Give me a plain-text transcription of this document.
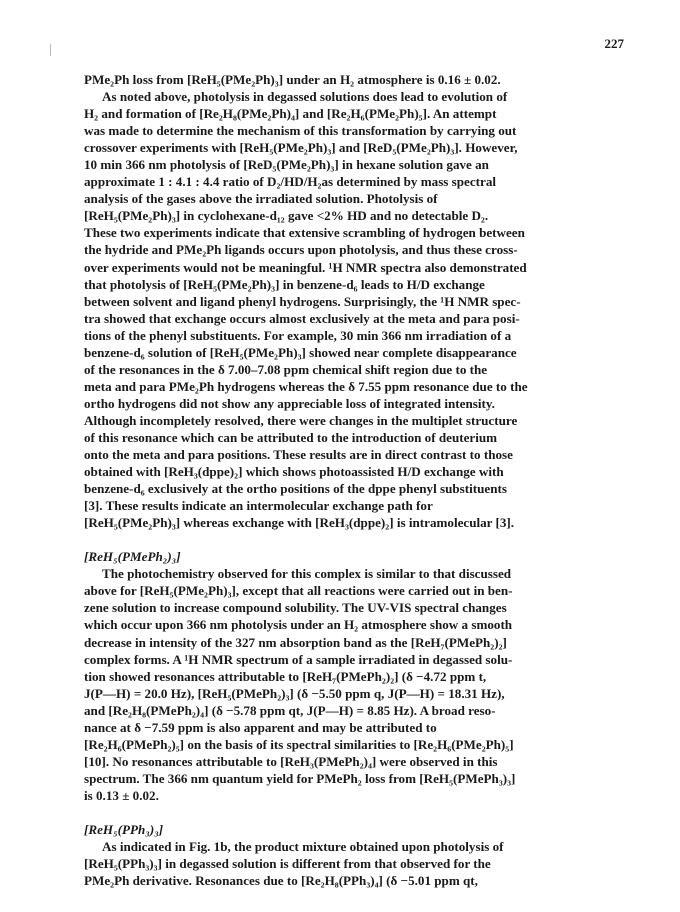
227
PMe₂Ph loss from [ReH₅(PMe₂Ph)₃] under an H₂ atmosphere is 0.16 ± 0.02.
As noted above, photolysis in degassed solutions does lead to evolution of
H₂ and formation of [Re₂H₈(PMe₂Ph)₄] and [Re₂H₆(PMe₂Ph)₅]. An attempt
was made to determine the mechanism of this transformation by carrying out
crossover experiments with [ReH₅(PMe₂Ph)₃] and [ReD₅(PMe₂Ph)₃]. However,
10 min 366 nm photolysis of [ReD₅(PMe₂Ph)₃] in hexane solution gave an
approximate 1 : 4.1 : 4.4 ratio of D₂/HD/H₂as determined by mass spectral
analysis of the gases above the irradiated solution. Photolysis of
[ReH₅(PMe₂Ph)₃] in cyclohexane-d₁₂ gave <2% HD and no detectable D₂.
These two experiments indicate that extensive scrambling of hydrogen between
the hydride and PMe₂Ph ligands occurs upon photolysis, and thus these cross-
over experiments would not be meaningful. ¹H NMR spectra also demonstrated
that photolysis of [ReH₅(PMe₂Ph)₃] in benzene-d₆ leads to H/D exchange
between solvent and ligand phenyl hydrogens. Surprisingly, the ¹H NMR spec-
tra showed that exchange occurs almost exclusively at the meta and para posi-
tions of the phenyl substituents. For example, 30 min 366 nm irradiation of a
benzene-d₆ solution of [ReH₅(PMe₂Ph)₃] showed near complete disappearance
of the resonances in the δ 7.00–7.08 ppm chemical shift region due to the
meta and para PMe₂Ph hydrogens whereas the δ 7.55 ppm resonance due to the
ortho hydrogens did not show any appreciable loss of integrated intensity.
Although incompletely resolved, there were changes in the multiplet structure
of this resonance which can be attributed to the introduction of deuterium
onto the meta and para positions. These results are in direct contrast to those
obtained with [ReH₃(dppe)₂] which shows photoassisted H/D exchange with
benzene-d₆ exclusively at the ortho positions of the dppe phenyl substituents
[3]. These results indicate an intermolecular exchange path for
[ReH₅(PMe₂Ph)₃] whereas exchange with [ReH₃(dppe)₂] is intramolecular [3].
[ReH₅(PMePh₂)₃]
The photochemistry observed for this complex is similar to that discussed
above for [ReH₅(PMe₂Ph)₃], except that all reactions were carried out in ben-
zene solution to increase compound solubility. The UV-VIS spectral changes
which occur upon 366 nm photolysis under an H₂ atmosphere show a smooth
decrease in intensity of the 327 nm absorption band as the [ReH₇(PMePh₂)₂]
complex forms. A ¹H NMR spectrum of a sample irradiated in degassed solu-
tion showed resonances attributable to [ReH₇(PMePh₂)₂] (δ −4.72 ppm t,
J(P—H) = 20.0 Hz), [ReH₅(PMePh₂)₃] (δ −5.50 ppm q, J(P—H) = 18.31 Hz),
and [Re₂H₈(PMePh₂)₄] (δ −5.78 ppm qt, J(P—H) = 8.85 Hz). A broad reso-
nance at δ −7.59 ppm is also apparent and may be attributed to
[Re₂H₆(PMePh₂)₅] on the basis of its spectral similarities to [Re₂H₆(PMe₂Ph)₅]
[10]. No resonances attributable to [ReH₃(PMePh₂)₄] were observed in this
spectrum. The 366 nm quantum yield for PMePh₂ loss from [ReH₅(PMePh₃)₃]
is 0.13 ± 0.02.
[ReH₅(PPh₃)₃]
As indicated in Fig. 1b, the product mixture obtained upon photolysis of
[ReH₅(PPh₃)₃] in degassed solution is different from that observed for the
PMe₂Ph derivative. Resonances due to [Re₂H₈(PPh₃)₄] (δ −5.01 ppm qt,
